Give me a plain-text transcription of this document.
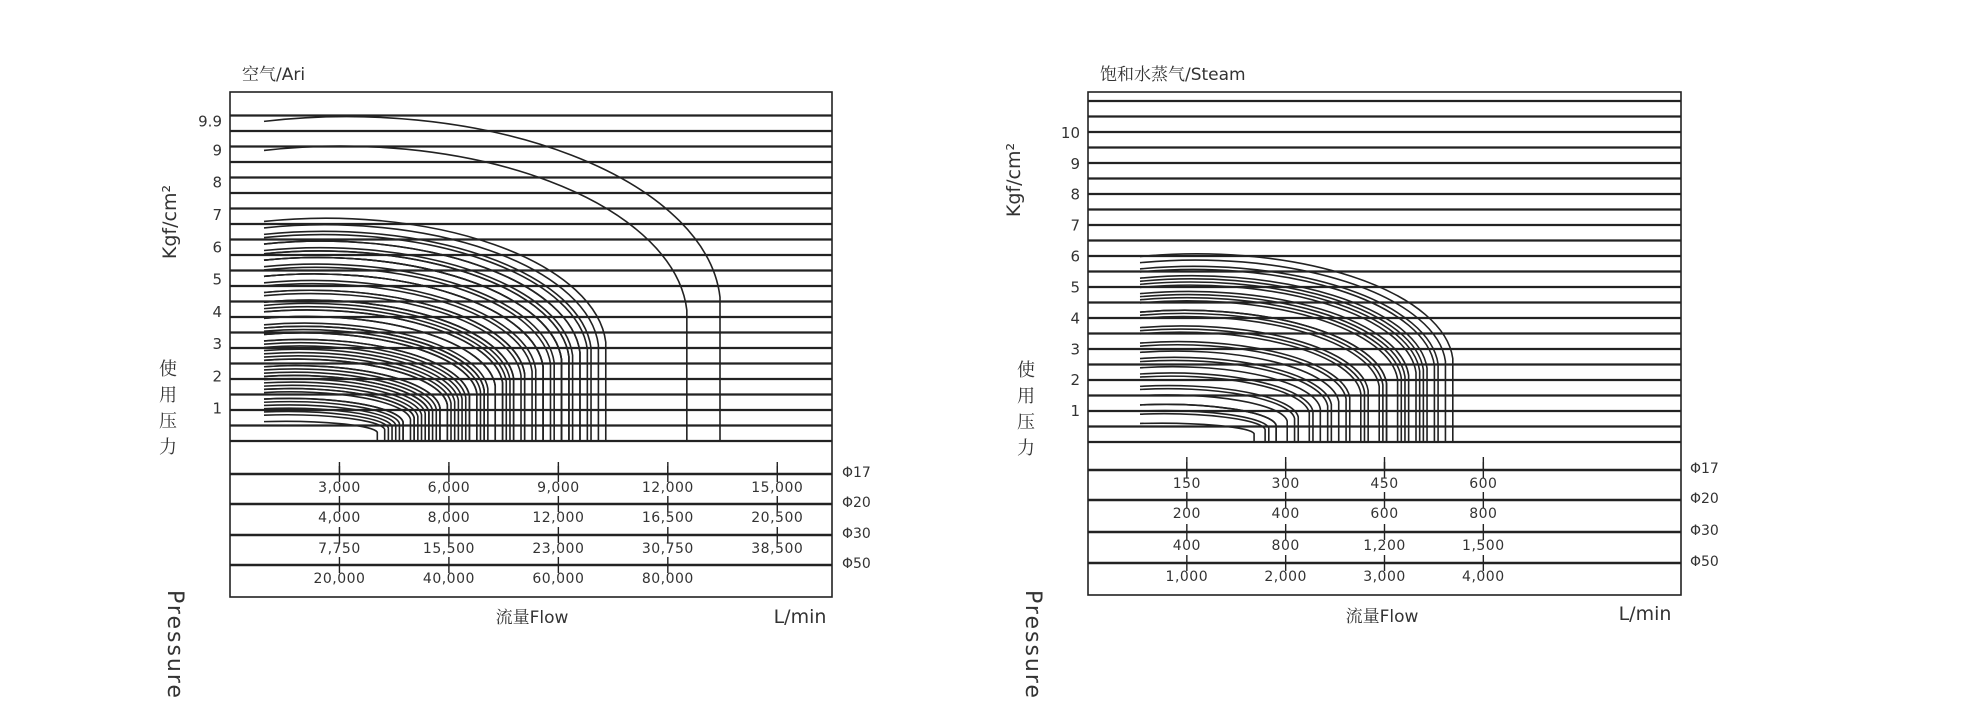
空气/Ari
1
2
3
4
5
6
7
8
9
9.9
Kgf/cm²
使
用
压
力
Pressure
Φ17
3,000	6,000	9,000	12,000	15,000
Φ20
4,000	8,000	12,000	16,500	20,500
Φ30
7,750	15,500	23,000	30,750	38,500
Φ50
20,000	40,000	60,000	80,000
流量Flow	L/min
饱和水蒸气/Steam
1
2
3
4
5
6
7
8
9
10
Kgf/cm²
使
用
压
力
Pressure
Φ17
150	300	450	600
Φ20
200	400	600	800
Φ30
400	800	1,200	1,500
Φ50
1,000	2,000	3,000	4,000
流量Flow	L/min
